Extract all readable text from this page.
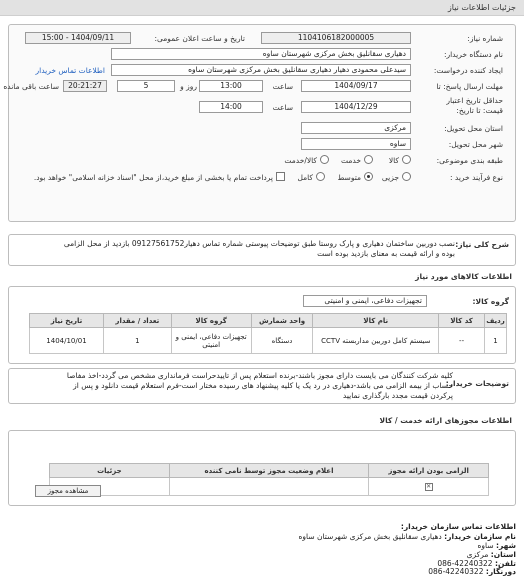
جزئیات اطلاعات نیاز
شماره نیاز:
1104106182000005
تاریخ و ساعت اعلان عمومی:
1404/09/11 - 15:00
نام دستگاه خریدار:
دهیاری سقانلیق بخش مرکزی شهرستان ساوه
ایجاد کننده درخواست:
سیدعلی محمودی دهیار دهیاری سقانلیق بخش مرکزی شهرستان ساوه
اطلاعات تماس خریدار
مهلت ارسال پاسخ: تا
1404/09/17
ساعت
13:00
5	روز و
20:21:27
ساعت باقی مانده
حداقل تاریخ اعتبار
قیمت: تا تاریخ:
1404/12/29
ساعت
14:00
استان محل تحویل:
مرکزی
شهر محل تحویل:
ساوه
طبقه بندی موضوعی:
کالا
خدمت
کالا/خدمت
نوع فرآیند خرید :
جزیی
متوسط
کامل
پرداخت تمام یا بخشی از مبلغ خرید،از محل "اسناد خزانه اسلامی" خواهد بود.
شرح کلی نیاز:
نصب دوربین ساختمان دهیاری و پارک روستا طبق توضیحات پیوستی شماره تماس دهیار09127561752 بازدید از محل الزامی
بوده و ارائه قیمت به معنای بازدید بوده است
اطلاعات کالاهای مورد نیاز
گروه کالا:
تجهیزات دفاعی، ایمنی و امنیتی
ردیف	کد کالا	نام کالا	واحد شمارش	گروه کالا	تعداد / مقدار	تاریخ نیاز
1	--	سیستم کامل دوربین مداربسته CCTV	دستگاه	تجهیزات دفاعی، ایمنی و امنیتی	1	1404/10/01
توضیحات خریدار:
کلیه شرکت کنندگان می بایست دارای مجوز باشند-برنده استعلام پس از تاییدحراست فرمانداری مشخص می گردد-اخذ مفاصا
حساب از بیمه الزامی می باشد-دهیاری در رد یک یا کلیه پیشنهاد های رسیده مختار است-فرم استعلام قیمت دانلود و پس از
پرکردن قیمت مجدد بارگذاری نمایید
اطلاعات مجوزهای ارائه خدمت / کالا
الزامی بودن ارائه مجوز	اعلام وضعیت مجوز توسط نامی کننده	جزئیات
✕		
مشاهده مجوز
اطلاعات تماس سازمان خریدار:
نام سازمان خریدار: دهیاری سقانلیق بخش مرکزی شهرستان ساوه
شهر: ساوه
استان: مرکزی
تلفن: 086-42240322
دورنگار: 086-42240322
